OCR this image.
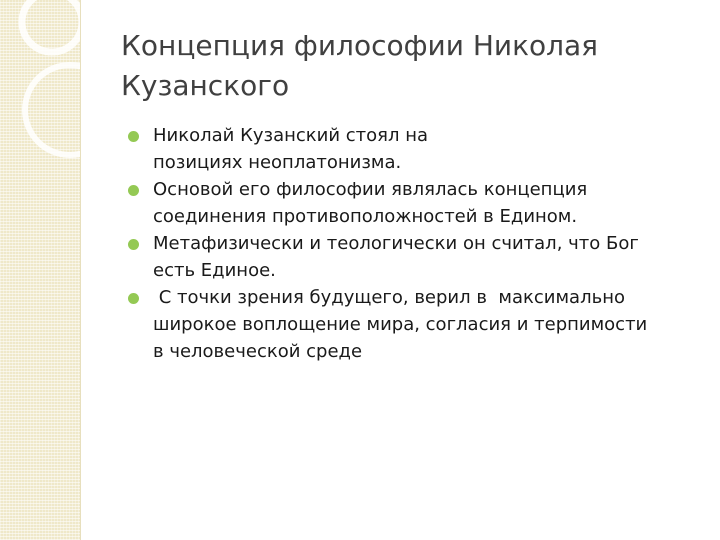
Концепция философии Николая
Кузанского
Николай Кузанский стоял на
позициях неоплатонизма.
Основой его философии являлась концепция
соединения противоположностей в Едином.
Метафизически и теологически он считал, что Бог
есть Единое.
С точки зрения будущего, верил в  максимально
широкое воплощение мира, согласия и терпимости
в человеческой среде
